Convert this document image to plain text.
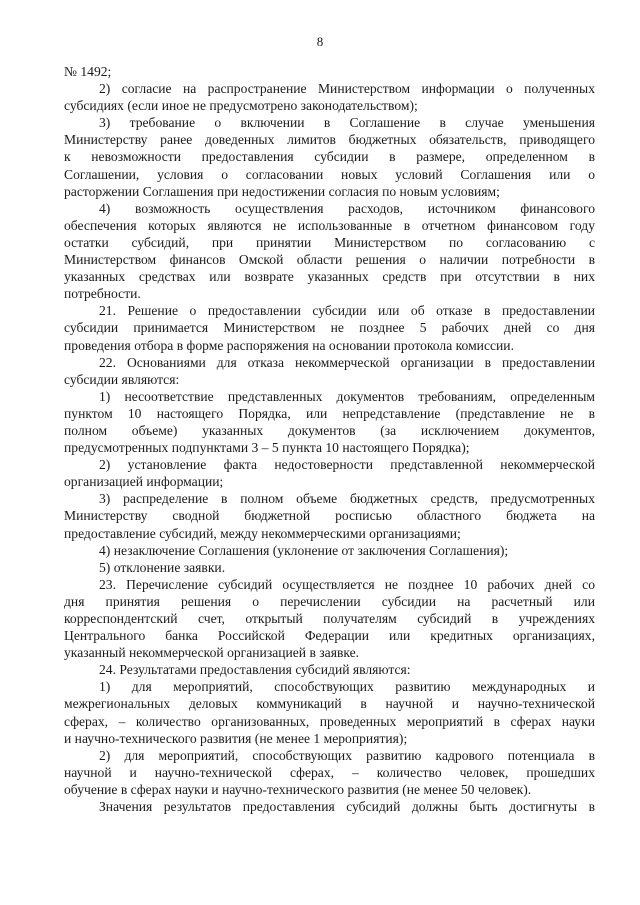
8
№ 1492;
2) согласие на распространение Министерством информации о полученных
субсидиях (если иное не предусмотрено законодательством);
3) требование о включении в Соглашение в случае уменьшения
Министерству ранее доведенных лимитов бюджетных обязательств, приводящего
к невозможности предоставления субсидии в размере, определенном в
Соглашении, условия о согласовании новых условий Соглашения или о
расторжении Соглашения при недостижении согласия по новым условиям;
4) возможность осуществления расходов, источником финансового
обеспечения которых являются не использованные в отчетном финансовом году
остатки субсидий, при принятии Министерством по согласованию с
Министерством финансов Омской области решения о наличии потребности в
указанных средствах или возврате указанных средств при отсутствии в них
потребности.
21. Решение о предоставлении субсидии или об отказе в предоставлении
субсидии принимается Министерством не позднее 5 рабочих дней со дня
проведения отбора в форме распоряжения на основании протокола комиссии.
22. Основаниями для отказа некоммерческой организации в предоставлении
субсидии являются:
1) несоответствие представленных документов требованиям, определенным
пунктом 10 настоящего Порядка, или непредставление (представление не в
полном объеме) указанных документов (за исключением документов,
предусмотренных подпунктами 3 – 5 пункта 10 настоящего Порядка);
2) установление факта недостоверности представленной некоммерческой
организацией информации;
3) распределение в полном объеме бюджетных средств, предусмотренных
Министерству сводной бюджетной росписью областного бюджета на
предоставление субсидий, между некоммерческими организациями;
4) незаключение Соглашения (уклонение от заключения Соглашения);
5) отклонение заявки.
23. Перечисление субсидий осуществляется не позднее 10 рабочих дней со
дня принятия решения о перечислении субсидии на расчетный или
корреспондентский счет, открытый получателям субсидий в учреждениях
Центрального банка Российской Федерации или кредитных организациях,
указанный некоммерческой организацией в заявке.
24. Результатами предоставления субсидий являются:
1) для мероприятий, способствующих развитию международных и
межрегиональных деловых коммуникаций в научной и научно-технической
сферах, – количество организованных, проведенных мероприятий в сферах науки
и научно-технического развития (не менее 1 мероприятия);
2) для мероприятий, способствующих развитию кадрового потенциала в
научной и научно-технической сферах, – количество человек, прошедших
обучение в сферах науки и научно-технического развития (не менее 50 человек).
Значения результатов предоставления субсидий должны быть достигнуты в
